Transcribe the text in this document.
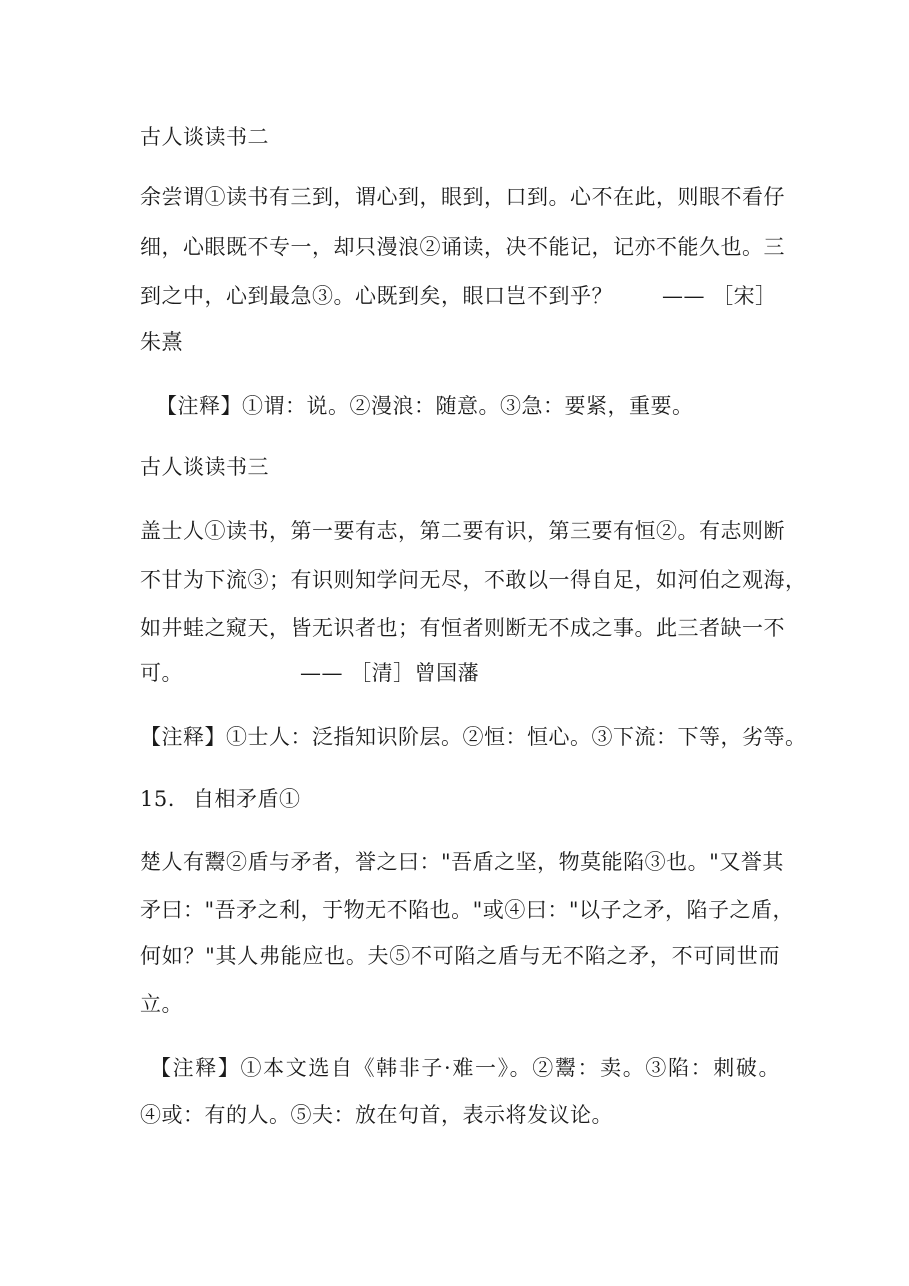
古人谈读书二
余尝谓①读书有三到，谓心到，眼到，口到。心不在此，则眼不看仔
细，心眼既不专一，却只漫浪②诵读，决不能记，记亦不能久也。三
到之中，心到最急③。心既到矣，眼口岂不到乎？	—— ［宋］
朱熹
【注释】①谓：说。②漫浪：随意。③急：要紧，重要。
古人谈读书三
盖士人①读书，第一要有志，第二要有识，第三要有恒②。有志则断
不甘为下流③；有识则知学问无尽，不敢以一得自足，如河伯之观海，
如井蛙之窥天，皆无识者也；有恒者则断无不成之事。此三者缺一不
可。	—— ［清］曾国藩
【注释】①士人：泛指知识阶层。②恒：恒心。③下流：下等，劣等。
15. 自相矛盾①
楚人有鬻②盾与矛者，誉之曰："吾盾之坚，物莫能陷③也。"又誉其
矛曰："吾矛之利，于物无不陷也。"或④曰："以子之矛，陷子之盾，
何如？"其人弗能应也。夫⑤不可陷之盾与无不陷之矛，不可同世而
立。
【注释】①本文选自《韩非子·难一》。②鬻：卖。③陷：刺破。
④或：有的人。⑤夫：放在句首，表示将发议论。
